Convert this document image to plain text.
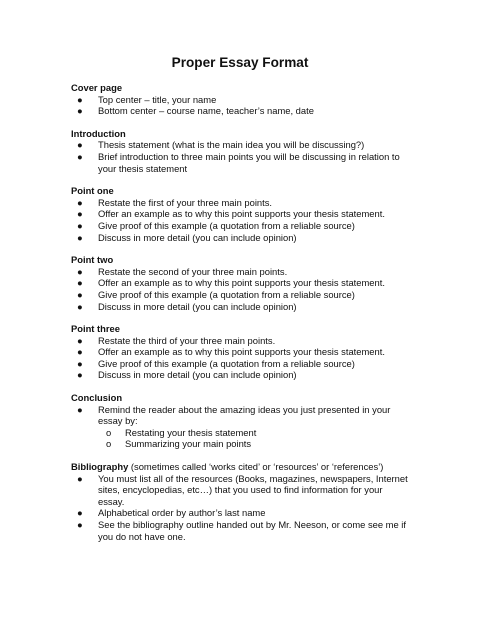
Proper Essay Format
Cover page
● Top center – title, your name
● Bottom center – course name, teacher’s name, date
Introduction
● Thesis statement (what is the main idea you will be discussing?)
● Brief introduction to three main points you will be discussing in relation to your thesis statement
Point one
● Restate the first of your three main points.
● Offer an example as to why this point supports your thesis statement.
● Give proof of this example (a quotation from a reliable source)
● Discuss in more detail (you can include opinion)
Point two
● Restate the second of your three main points.
● Offer an example as to why this point supports your thesis statement.
● Give proof of this example (a quotation from a reliable source)
● Discuss in more detail (you can include opinion)
Point three
● Restate the third of your three main points.
● Offer an example as to why this point supports your thesis statement.
● Give proof of this example (a quotation from a reliable source)
● Discuss in more detail (you can include opinion)
Conclusion
● Remind the reader about the amazing ideas you just presented in your essay by:
o Restating your thesis statement
o Summarizing your main points
Bibliography (sometimes called ‘works cited’ or ‘resources’ or ‘references’)
● You must list all of the resources (Books, magazines, newspapers, Internet sites, encyclopedias, etc…) that you used to find information for your essay.
● Alphabetical order by author’s last name
● See the bibliography outline handed out by Mr. Neeson, or come see me if you do not have one.
